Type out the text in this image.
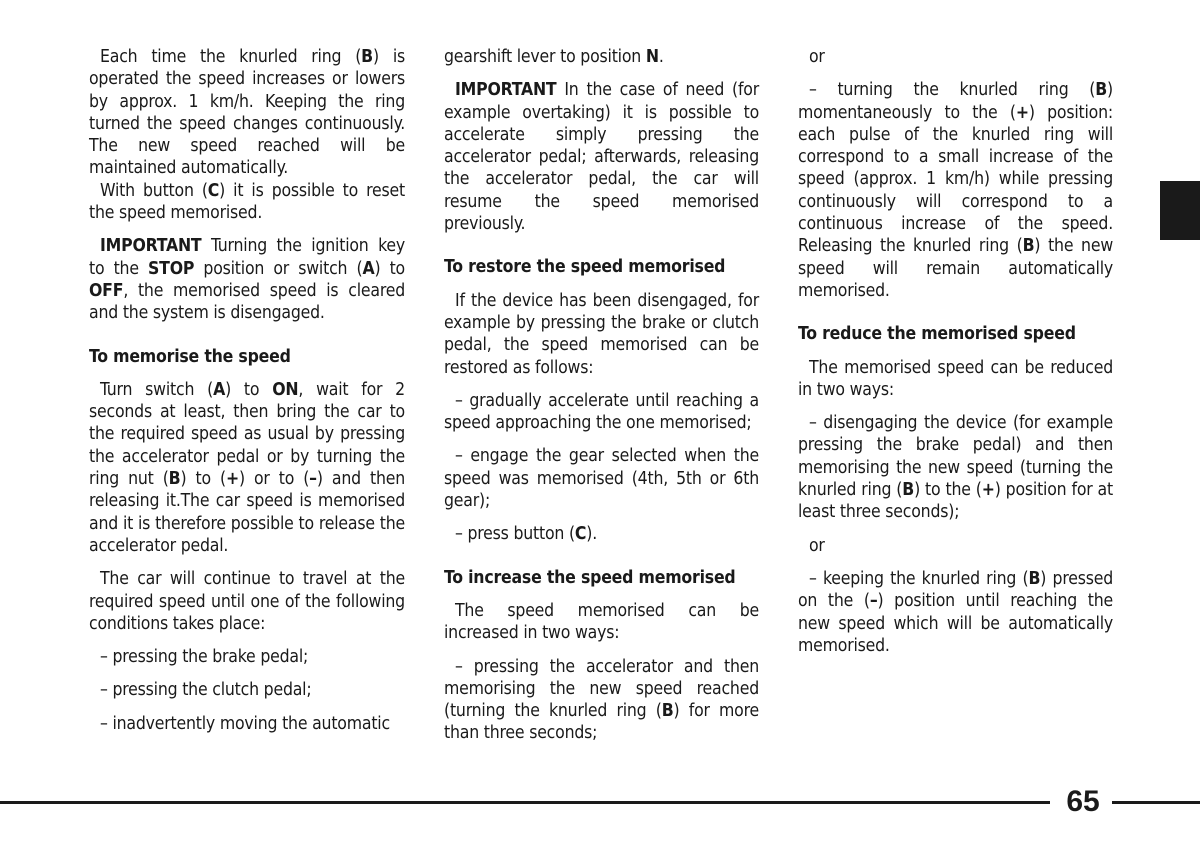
Each time the knurled ring (B) is operated the speed increases or lowers by approx. 1 km/h. Keeping the ring turned the speed changes continuously. The new speed reached will be maintained automatically.

With button (C) it is possible to reset the speed memorised.

IMPORTANT Turning the ignition key to the STOP position or switch (A) to OFF, the memorised speed is cleared and the system is disengaged.

To memorise the speed

Turn switch (A) to ON, wait for 2 seconds at least, then bring the car to the required speed as usual by pressing the accelerator pedal or by turning the ring nut (B) to (+) or to (–) and then releasing it.The car speed is memorised and it is therefore possible to release the accelerator pedal.

The car will continue to travel at the required speed until one of the following conditions takes place:

– pressing the brake pedal;

– pressing the clutch pedal;

– inadvertently moving the automatic

gearshift lever to position N.

IMPORTANT In the case of need (for example overtaking) it is possible to accelerate simply pressing the accelerator pedal; afterwards, releasing the accelerator pedal, the car will resume the speed memorised previously.

To restore the speed memorised

If the device has been disengaged, for example by pressing the brake or clutch pedal, the speed memorised can be restored as follows:

– gradually accelerate until reaching a speed approaching the one memorised;

– engage the gear selected when the speed was memorised (4th, 5th or 6th gear);

– press button (C).

To increase the speed memorised

The speed memorised can be increased in two ways:

– pressing the accelerator and then memorising the new speed reached (turning the knurled ring (B) for more than three seconds;

or

– turning the knurled ring (B) momentaneously to the (+) position: each pulse of the knurled ring will correspond to a small increase of the speed (approx. 1 km/h) while pressing continuously will correspond to a continuous increase of the speed. Releasing the knurled ring (B) the new speed will remain automatically memorised.

To reduce the memorised speed

The memorised speed can be reduced in two ways:

– disengaging the device (for example pressing the brake pedal) and then memorising the new speed (turning the knurled ring (B) to the (+) position for at least three seconds);

or

– keeping the knurled ring (B) pressed on the (–) position until reaching the new speed which will be automatically memorised.

65
